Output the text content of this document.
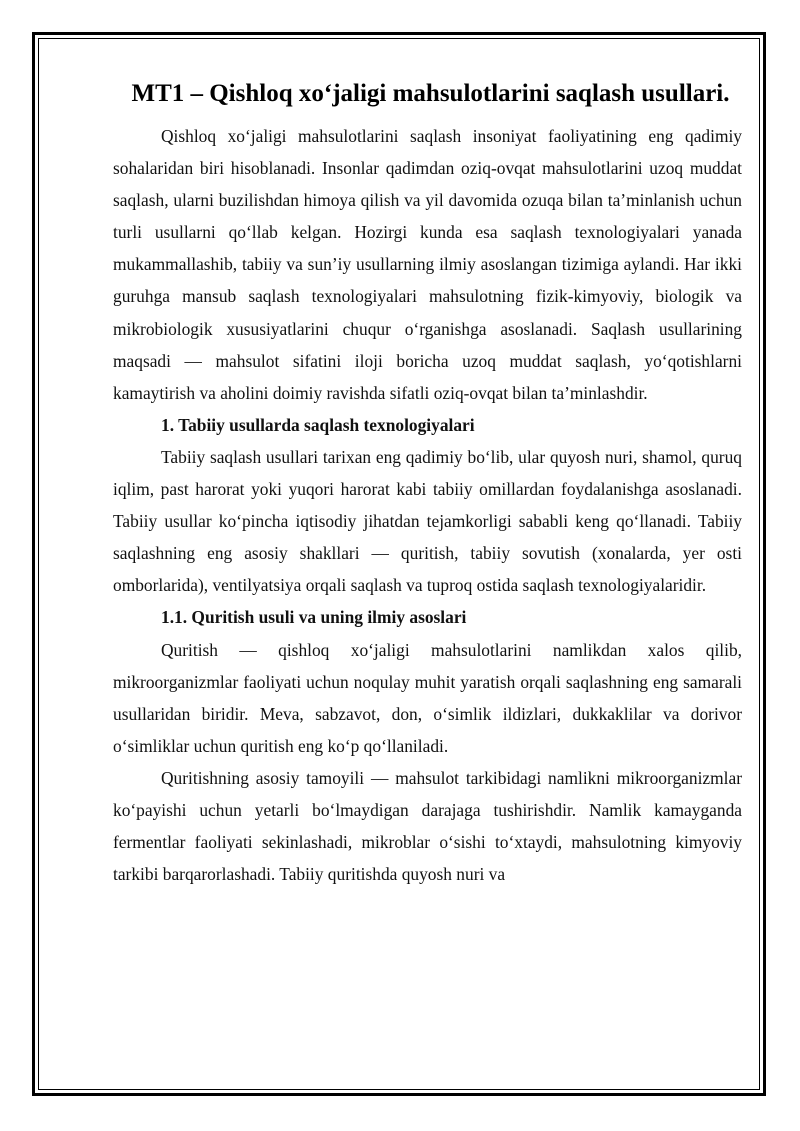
MT1 – Qishloq xo‘jaligi mahsulotlarini saqlash usullari.

Qishloq xo‘jaligi mahsulotlarini saqlash insoniyat faoliyatining eng qadimiy sohalaridan biri hisoblanadi. Insonlar qadimdan oziq-ovqat mahsulotlarini uzoq muddat saqlash, ularni buzilishdan himoya qilish va yil davomida ozuqa bilan ta’minlanish uchun turli usullarni qo‘llab kelgan. Hozirgi kunda esa saqlash texnologiyalari yanada mukammallashib, tabiiy va sun’iy usullarning ilmiy asoslangan tizimiga aylandi. Har ikki guruhga mansub saqlash texnologiyalari mahsulotning fizik-kimyoviy, biologik va mikrobiologik xususiyatlarini chuqur o‘rganishga asoslanadi. Saqlash usullarining maqsadi — mahsulot sifatini iloji boricha uzoq muddat saqlash, yo‘qotishlarni kamaytirish va aholini doimiy ravishda sifatli oziq-ovqat bilan ta’minlashdir.

1. Tabiiy usullarda saqlash texnologiyalari

Tabiiy saqlash usullari tarixan eng qadimiy bo‘lib, ular quyosh nuri, shamol, quruq iqlim, past harorat yoki yuqori harorat kabi tabiiy omillardan foydalanishga asoslanadi. Tabiiy usullar ko‘pincha iqtisodiy jihatdan tejamkorligi sababli keng qo‘llanadi. Tabiiy saqlashning eng asosiy shakllari — quritish, tabiiy sovutish (xonalarda, yer osti omborlarida), ventilyatsiya orqali saqlash va tuproq ostida saqlash texnologiyalaridir.

1.1. Quritish usuli va uning ilmiy asoslari

Quritish — qishloq xo‘jaligi mahsulotlarini namlikdan xalos qilib, mikroorganizmlar faoliyati uchun noqulay muhit yaratish orqali saqlashning eng samarali usullaridan biridir. Meva, sabzavot, don, o‘simlik ildizlari, dukkaklilar va dorivor o‘simliklar uchun quritish eng ko‘p qo‘llaniladi.

Quritishning asosiy tamoyili — mahsulot tarkibidagi namlikni mikroorganizmlar ko‘payishi uchun yetarli bo‘lmaydigan darajaga tushirishdir. Namlik kamayganda fermentlar faoliyati sekinlashadi, mikroblar o‘sishi to‘xtaydi, mahsulotning kimyoviy tarkibi barqarorlashadi. Tabiiy quritishda quyosh nuri va
